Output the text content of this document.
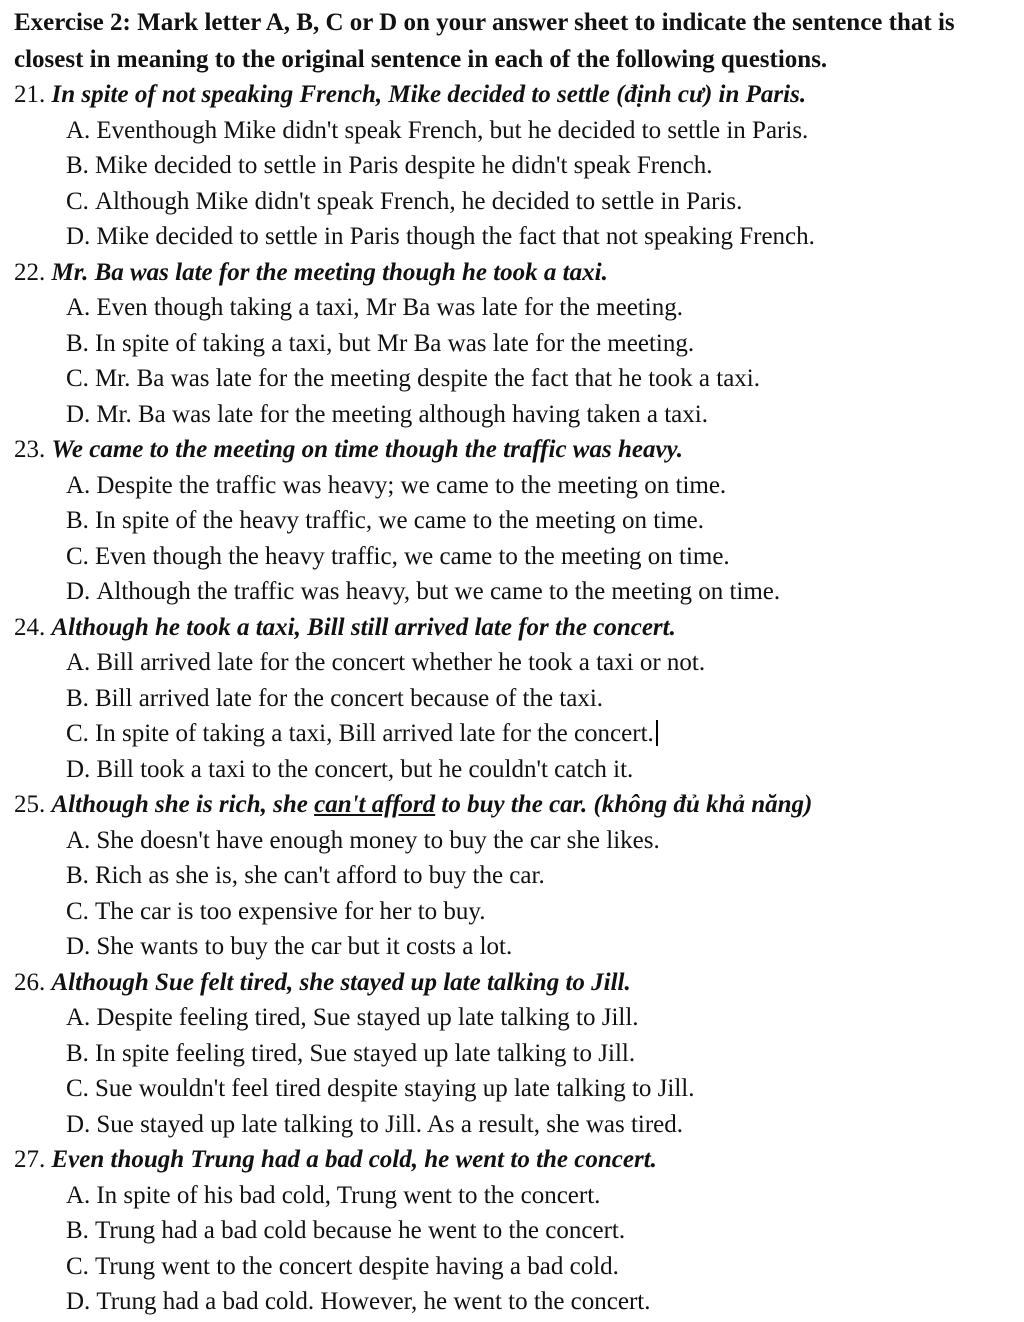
Exercise 2: Mark letter A, B, C or D on your answer sheet to indicate the sentence that is
closest in meaning to the original sentence in each of the following questions.
21. In spite of not speaking French, Mike decided to settle (định cư) in Paris.
A. Eventhough Mike didn't speak French, but he decided to settle in Paris.
B. Mike decided to settle in Paris despite he didn't speak French.
C. Although Mike didn't speak French, he decided to settle in Paris.
D. Mike decided to settle in Paris though the fact that not speaking French.
22. Mr. Ba was late for the meeting though he took a taxi.
A. Even though taking a taxi, Mr Ba was late for the meeting.
B. In spite of taking a taxi, but Mr Ba was late for the meeting.
C. Mr. Ba was late for the meeting despite the fact that he took a taxi.
D. Mr. Ba was late for the meeting although having taken a taxi.
23. We came to the meeting on time though the traffic was heavy.
A. Despite the traffic was heavy; we came to the meeting on time.
B. In spite of the heavy traffic, we came to the meeting on time.
C. Even though the heavy traffic, we came to the meeting on time.
D. Although the traffic was heavy, but we came to the meeting on time.
24. Although he took a taxi, Bill still arrived late for the concert.
A. Bill arrived late for the concert whether he took a taxi or not.
B. Bill arrived late for the concert because of the taxi.
C. In spite of taking a taxi, Bill arrived late for the concert.
D. Bill took a taxi to the concert, but he couldn't catch it.
25. Although she is rich, she can't afford to buy the car. (không đủ khả năng)
A. She doesn't have enough money to buy the car she likes.
B. Rich as she is, she can't afford to buy the car.
C. The car is too expensive for her to buy.
D. She wants to buy the car but it costs a lot.
26. Although Sue felt tired, she stayed up late talking to Jill.
A. Despite feeling tired, Sue stayed up late talking to Jill.
B. In spite feeling tired, Sue stayed up late talking to Jill.
C. Sue wouldn't feel tired despite staying up late talking to Jill.
D. Sue stayed up late talking to Jill. As a result, she was tired.
27. Even though Trung had a bad cold, he went to the concert.
A. In spite of his bad cold, Trung went to the concert.
B. Trung had a bad cold because he went to the concert.
C. Trung went to the concert despite having a bad cold.
D. Trung had a bad cold. However, he went to the concert.
